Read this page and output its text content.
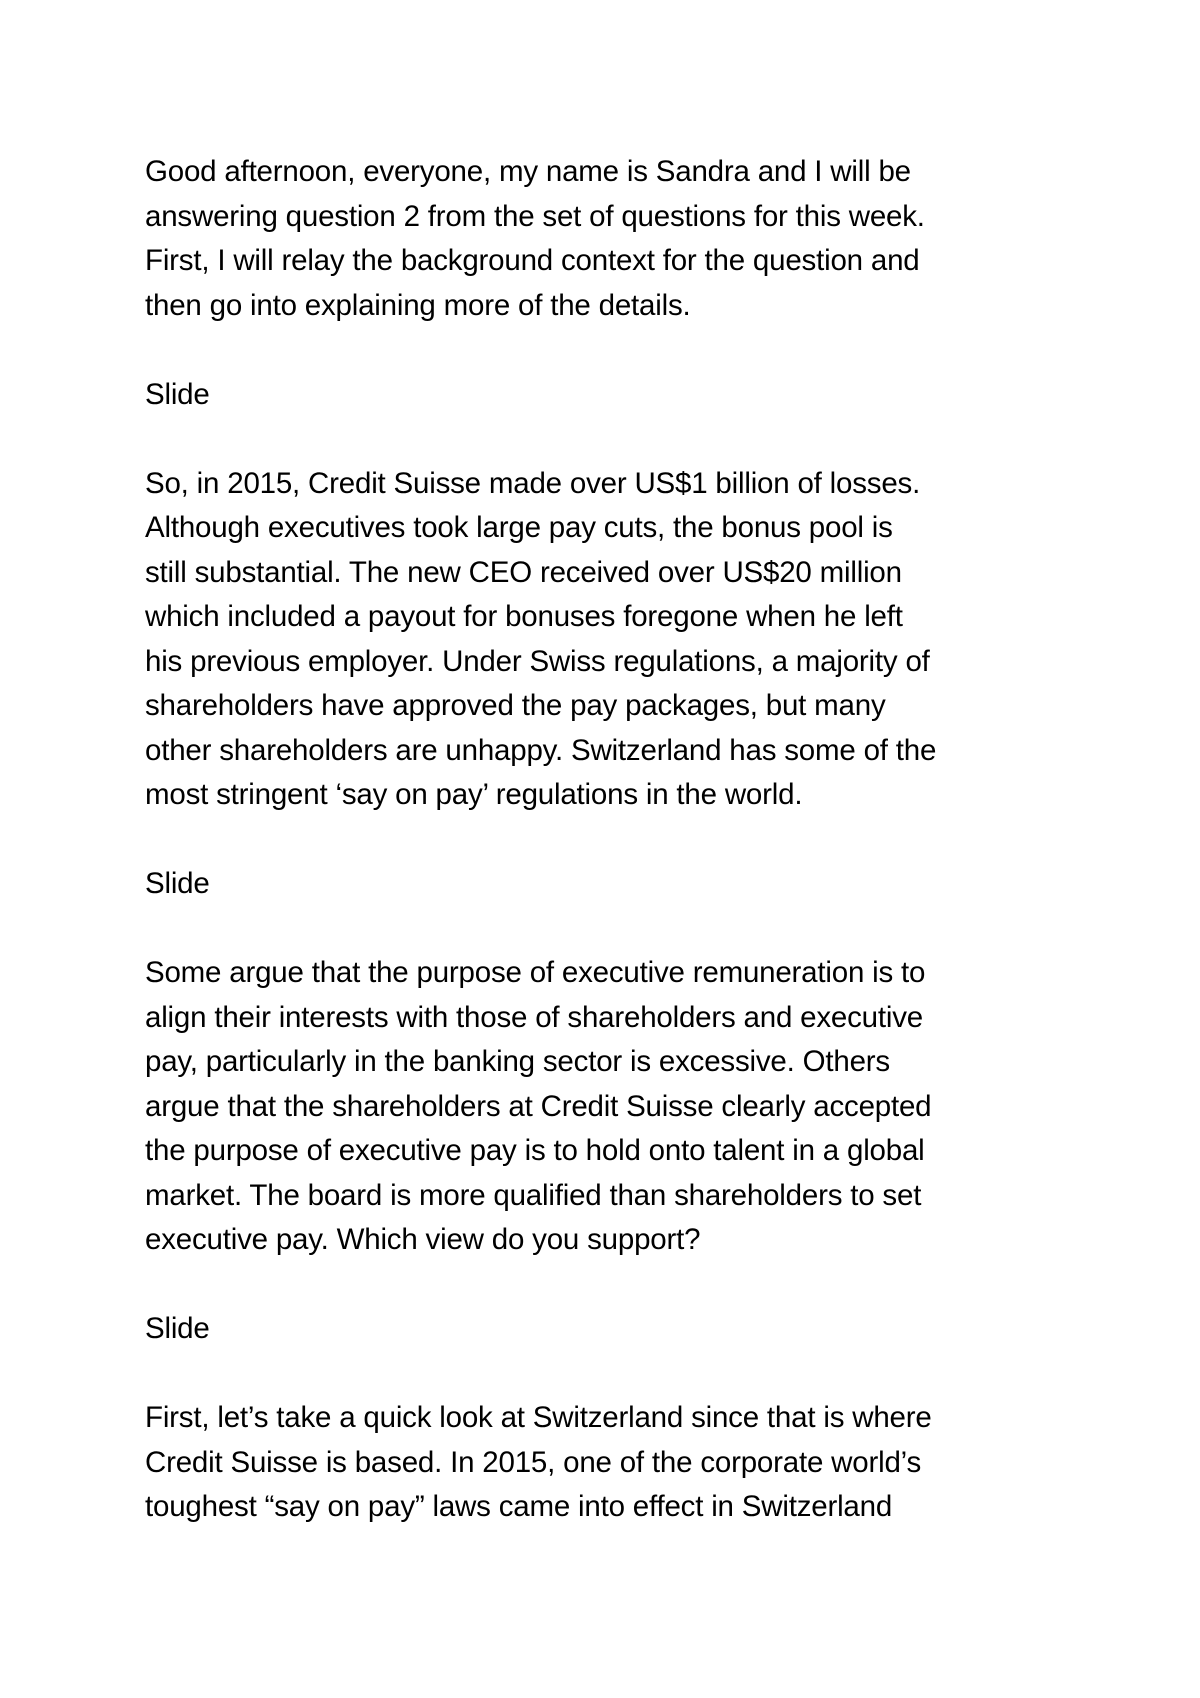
Good afternoon, everyone, my name is Sandra and I will be
answering question 2 from the set of questions for this week.
First, I will relay the background context for the question and
then go into explaining more of the details.
Slide
So, in 2015, Credit Suisse made over US$1 billion of losses.
Although executives took large pay cuts, the bonus pool is
still substantial. The new CEO received over US$20 million
which included a payout for bonuses foregone when he left
his previous employer. Under Swiss regulations, a majority of
shareholders have approved the pay packages, but many
other shareholders are unhappy. Switzerland has some of the
most stringent ‘say on pay’ regulations in the world.
Slide
Some argue that the purpose of executive remuneration is to
align their interests with those of shareholders and executive
pay, particularly in the banking sector is excessive. Others
argue that the shareholders at Credit Suisse clearly accepted
the purpose of executive pay is to hold onto talent in a global
market. The board is more qualified than shareholders to set
executive pay. Which view do you support?
Slide
First, let’s take a quick look at Switzerland since that is where
Credit Suisse is based. In 2015, one of the corporate world’s
toughest “say on pay” laws came into effect in Switzerland
